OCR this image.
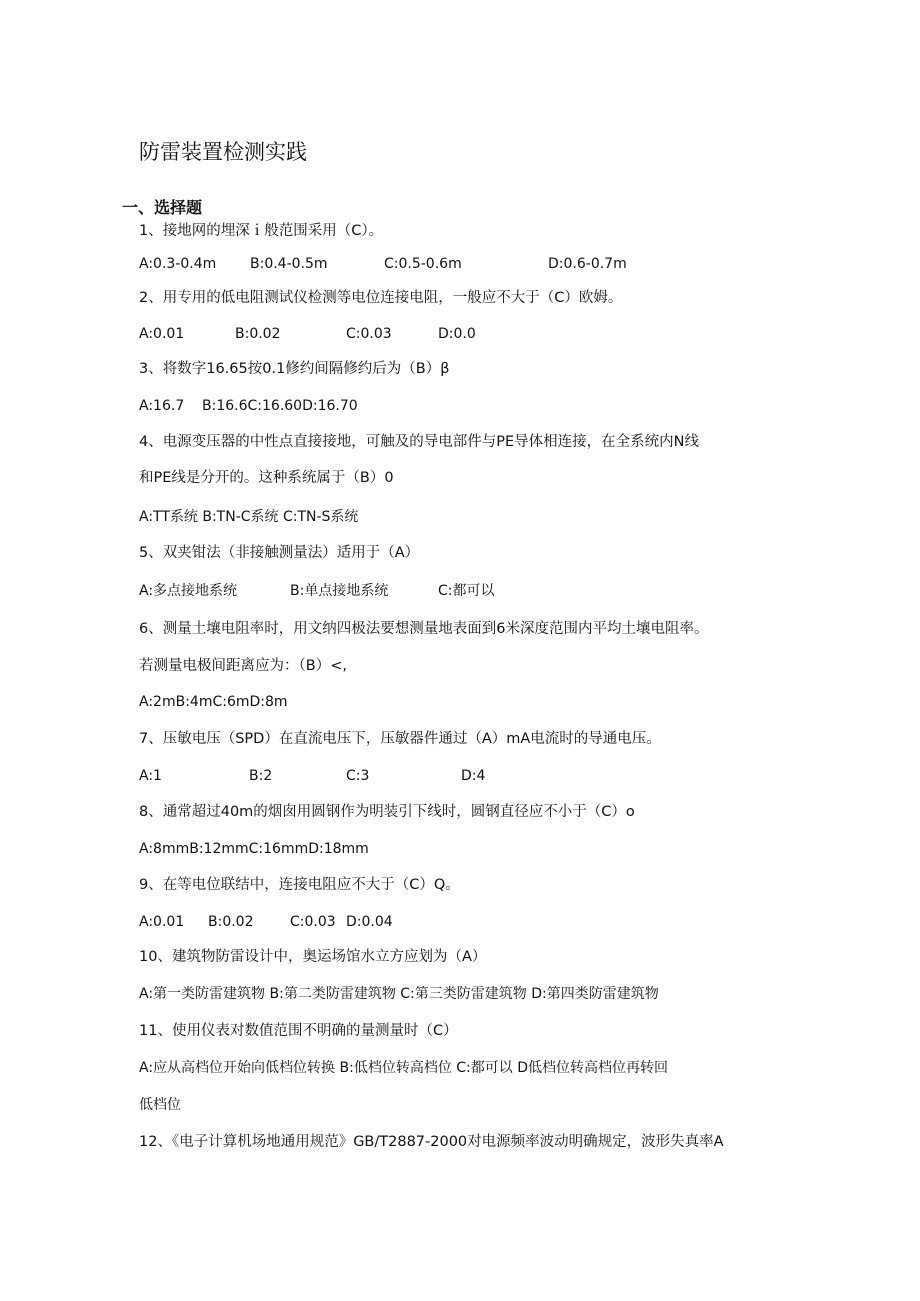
防雷装置检测实践
一、选择题
1、接地网的埋深ｉ般范围采用（C）。
A:0.3-0.4m B:0.4-0.5m	C:0.5-0.6m	D:0.6-0.7m
2、用专用的低电阻测试仪检测等电位连接电阻，一般应不大于（C）欧姆。
A:0.01	B:0.02	C:0.03	D:0.0
3、将数字16.65按0.1修约间隔修约后为（B）β
A:16.7    B:16.6C:16.60D:16.70
4、电源变压器的中性点直接接地，可触及的导电部件与PE导体相连接，在全系统内N线
和PE线是分开的。这种系统属于（B）0
A:TT系统 B:TN-C系统 C:TN-S系统
5、双夹钳法（非接触测量法）适用于（A）
A:多点接地系统	B:单点接地系统	C:都可以
6、测量土壤电阻率时，用文纳四极法要想测量地表面到6米深度范围内平均土壤电阻率。
若测量电极间距离应为：（B）<,
A:2mB:4mC:6mD:8m
7、压敏电压（SPD）在直流电压下，压敏器件通过（A）mA电流时的导通电压。
A:1	B:2	C:3	D:4
8、通常超过40m的烟囱用圆钢作为明装引下线时，圆钢直径应不小于（C）o
A:8mmB:12mmC:16mmD:18mm
9、在等电位联结中，连接电阻应不大于（C）Q。
A:0.01 B:0.02	C:0.03 D:0.04
10、建筑物防雷设计中，奥运场馆水立方应划为（A）
A:第一类防雷建筑物 B:第二类防雷建筑物 C:第三类防雷建筑物 D:第四类防雷建筑物
11、使用仪表对数值范围不明确的量测量时（C）
A:应从高档位开始向低档位转换 B:低档位转高档位 C:都可以 D低档位转高档位再转回
低档位
12、《电子计算机场地通用规范》GB/T2887-2000对电源频率波动明确规定，波形失真率A
